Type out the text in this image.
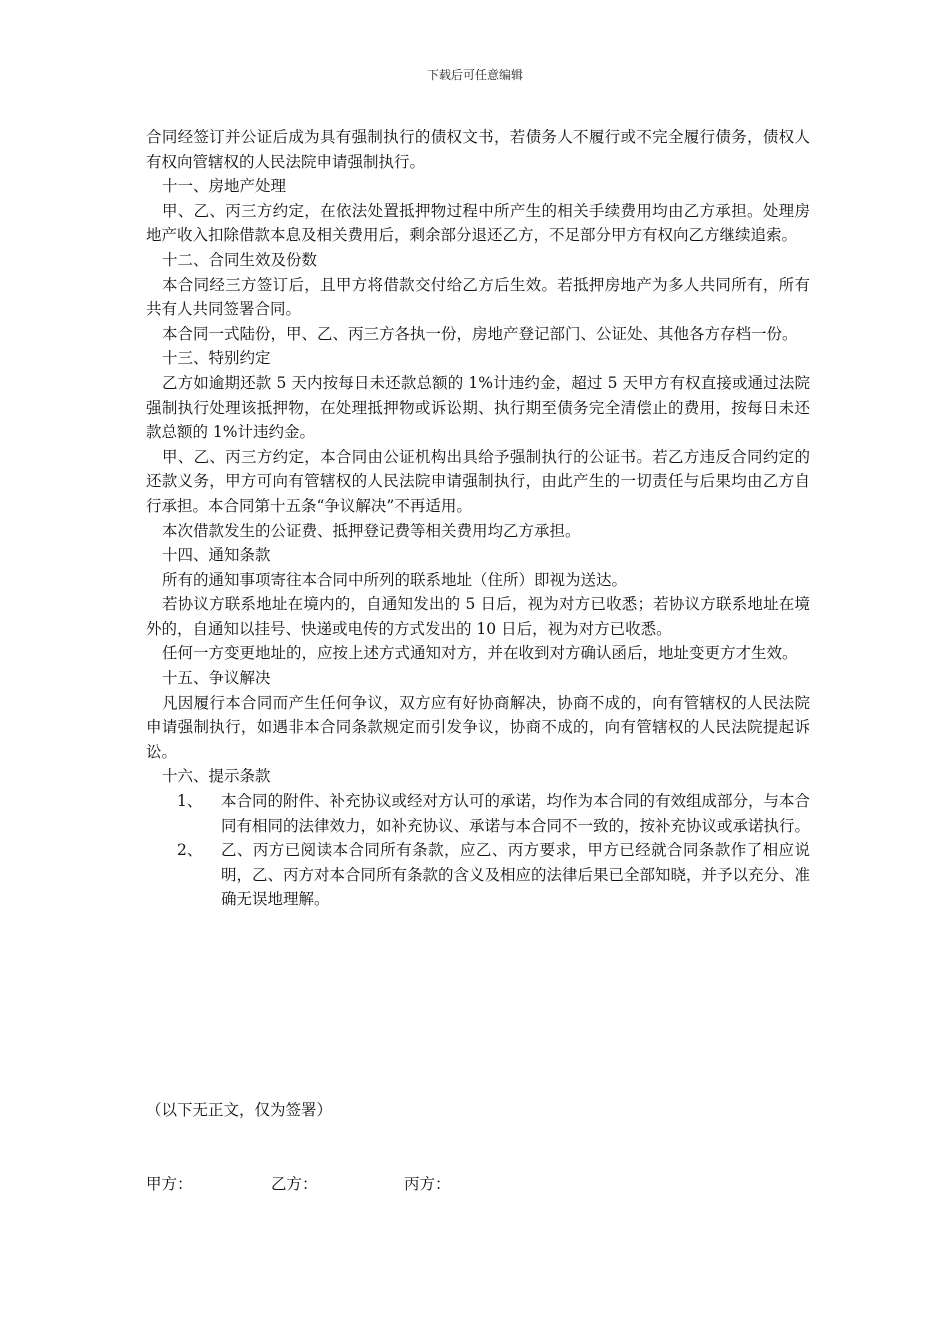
下载后可任意编辑

合同经签订并公证后成为具有强制执行的债权文书，若债务人不履行或不完全履行债务，债权人有权向管辖权的人民法院申请强制执行。

十一、房地产处理

甲、乙、丙三方约定，在依法处置抵押物过程中所产生的相关手续费用均由乙方承担。处理房地产收入扣除借款本息及相关费用后，剩余部分退还乙方，不足部分甲方有权向乙方继续追索。

十二、合同生效及份数

本合同经三方签订后，且甲方将借款交付给乙方后生效。若抵押房地产为多人共同所有，所有共有人共同签署合同。

本合同一式陆份，甲、乙、丙三方各执一份，房地产登记部门、公证处、其他各方存档一份。

十三、特别约定

乙方如逾期还款 5 天内按每日未还款总额的 1%计违约金，超过 5 天甲方有权直接或通过法院强制执行处理该抵押物，在处理抵押物或诉讼期、执行期至债务完全清偿止的费用，按每日未还款总额的 1%计违约金。

甲、乙、丙三方约定，本合同由公证机构出具给予强制执行的公证书。若乙方违反合同约定的还款义务，甲方可向有管辖权的人民法院申请强制执行，由此产生的一切责任与后果均由乙方自行承担。本合同第十五条“争议解决”不再适用。

本次借款发生的公证费、抵押登记费等相关费用均乙方承担。

十四、通知条款

所有的通知事项寄往本合同中所列的联系地址（住所）即视为送达。

若协议方联系地址在境内的，自通知发出的 5 日后，视为对方已收悉；若协议方联系地址在境外的，自通知以挂号、快递或电传的方式发出的 10 日后，视为对方已收悉。

任何一方变更地址的，应按上述方式通知对方，并在收到对方确认函后，地址变更方才生效。

十五、争议解决

凡因履行本合同而产生任何争议，双方应有好协商解决，协商不成的，向有管辖权的人民法院申请强制执行，如遇非本合同条款规定而引发争议，协商不成的，向有管辖权的人民法院提起诉讼。

十六、提示条款

1、 本合同的附件、补充协议或经对方认可的承诺，均作为本合同的有效组成部分，与本合同有相同的法律效力，如补充协议、承诺与本合同不一致的，按补充协议或承诺执行。
2、 乙、丙方已阅读本合同所有条款，应乙、丙方要求，甲方已经就合同条款作了相应说明，乙、丙方对本合同所有条款的含义及相应的法律后果已全部知晓，并予以充分、准确无误地理解。
（以下无正文，仅为签署）
甲方：	乙方：	丙方：
